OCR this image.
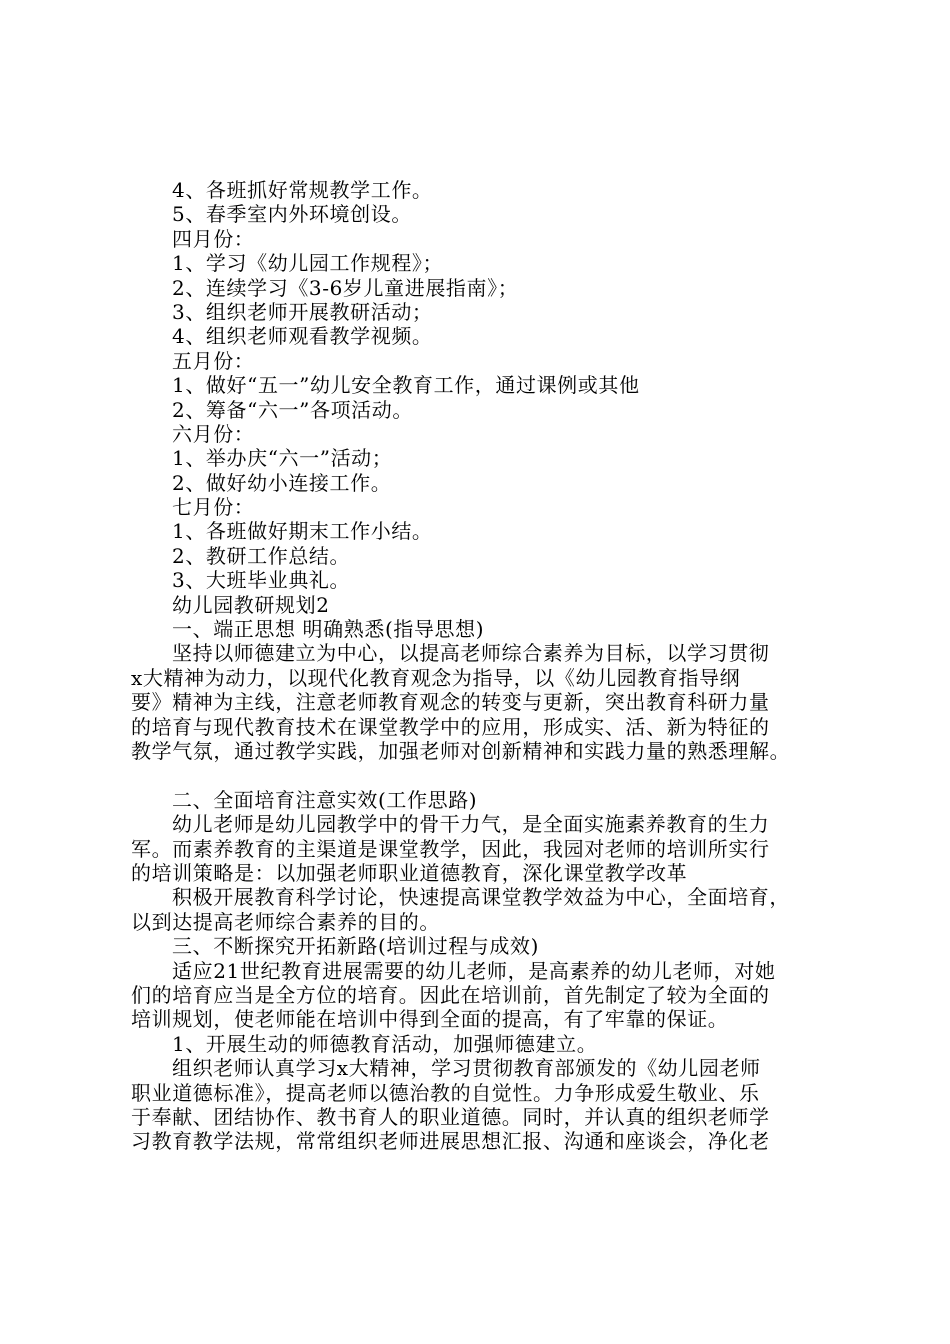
4、各班抓好常规教学工作。
5、春季室内外环境创设。
四月份：
1、学习《幼儿园工作规程》；
2、连续学习《3-6岁儿童进展指南》；
3、组织老师开展教研活动；
4、组织老师观看教学视频。
五月份：
1、做好“五一”幼儿安全教育工作，通过课例或其他
2、筹备“六一”各项活动。
六月份：
1、举办庆“六一”活动；
2、做好幼小连接工作。
七月份：
1、各班做好期末工作小结。
2、教研工作总结。
3、大班毕业典礼。
幼儿园教研规划2
一、端正思想 明确熟悉(指导思想)
坚持以师德建立为中心，以提高老师综合素养为目标，以学习贯彻
x大精神为动力，以现代化教育观念为指导，以《幼儿园教育指导纲
要》精神为主线，注意老师教育观念的转变与更新，突出教育科研力量
的培育与现代教育技术在课堂教学中的应用，形成实、活、新为特征的
教学气氛，通过教学实践，加强老师对创新精神和实践力量的熟悉理解。
二、全面培育注意实效(工作思路)
幼儿老师是幼儿园教学中的骨干力气，是全面实施素养教育的生力
军。而素养教育的主渠道是课堂教学，因此，我园对老师的培训所实行
的培训策略是：以加强老师职业道德教育，深化课堂教学改革
积极开展教育科学讨论，快速提高课堂教学效益为中心，全面培育，
以到达提高老师综合素养的目的。
三、不断探究开拓新路(培训过程与成效)
适应21世纪教育进展需要的幼儿老师，是高素养的幼儿老师，对她
们的培育应当是全方位的培育。因此在培训前，首先制定了较为全面的
培训规划，使老师能在培训中得到全面的提高，有了牢靠的保证。
1、开展生动的师德教育活动，加强师德建立。
组织老师认真学习x大精神，学习贯彻教育部颁发的《幼儿园老师
职业道德标准》，提高老师以德治教的自觉性。力争形成爱生敬业、乐
于奉献、团结协作、教书育人的职业道德。同时，并认真的组织老师学
习教育教学法规，常常组织老师进展思想汇报、沟通和座谈会，净化老
